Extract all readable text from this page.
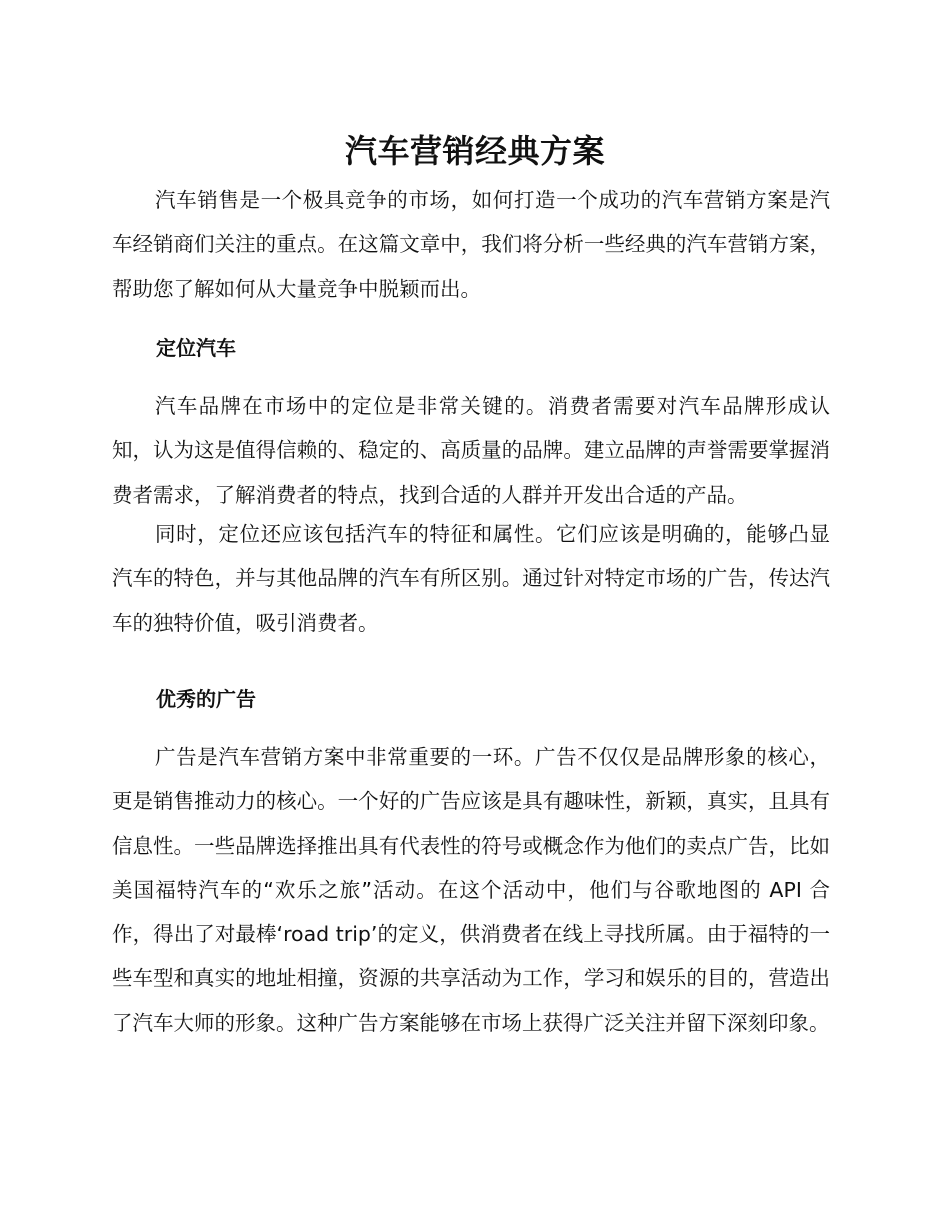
汽车营销经典方案

汽车销售是一个极具竞争的市场，如何打造一个成功的汽车营销方案是汽车经销商们关注的重点。在这篇文章中，我们将分析一些经典的汽车营销方案，帮助您了解如何从大量竞争中脱颖而出。

定位汽车

汽车品牌在市场中的定位是非常关键的。消费者需要对汽车品牌形成认知，认为这是值得信赖的、稳定的、高质量的品牌。建立品牌的声誉需要掌握消费者需求，了解消费者的特点，找到合适的人群并开发出合适的产品。

同时，定位还应该包括汽车的特征和属性。它们应该是明确的，能够凸显汽车的特色，并与其他品牌的汽车有所区别。通过针对特定市场的广告，传达汽车的独特价值，吸引消费者。

优秀的广告

广告是汽车营销方案中非常重要的一环。广告不仅仅是品牌形象的核心，更是销售推动力的核心。一个好的广告应该是具有趣味性，新颖，真实，且具有信息性。一些品牌选择推出具有代表性的符号或概念作为他们的卖点广告，比如美国福特汽车的“欢乐之旅”活动。在这个活动中，他们与谷歌地图的 API 合作，得出了对最棒‘road trip’的定义，供消费者在线上寻找所属。由于福特的一些车型和真实的地址相撞，资源的共享活动为工作，学习和娱乐的目的，营造出了汽车大师的形象。这种广告方案能够在市场上获得广泛关注并留下深刻印象。
